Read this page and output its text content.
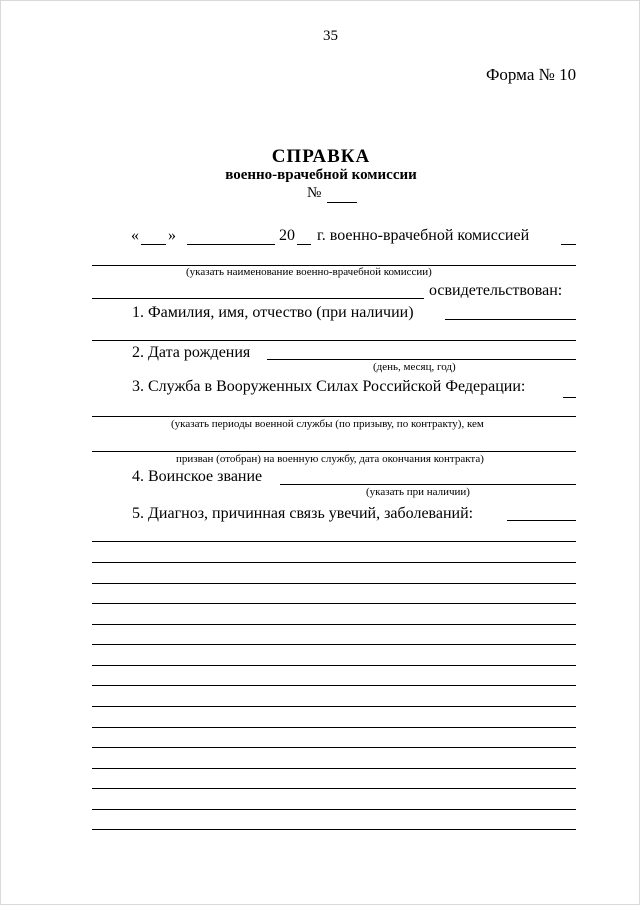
35
Форма № 10
СПРАВКА
военно-врачебной комиссии
№
« »	20 г. военно-врачебной комиссией
(указать наименование военно-врачебной комиссии)
освидетельствован:
1. Фамилия, имя, отчество (при наличии)
2. Дата рождения
(день, месяц, год)
3. Служба в Вооруженных Силах Российской Федерации:
(указать периоды военной службы (по призыву, по контракту), кем
призван (отобран) на военную службу, дата окончания контракта)
4. Воинское звание
(указать при наличии)
5. Диагноз, причинная связь увечий, заболеваний:
